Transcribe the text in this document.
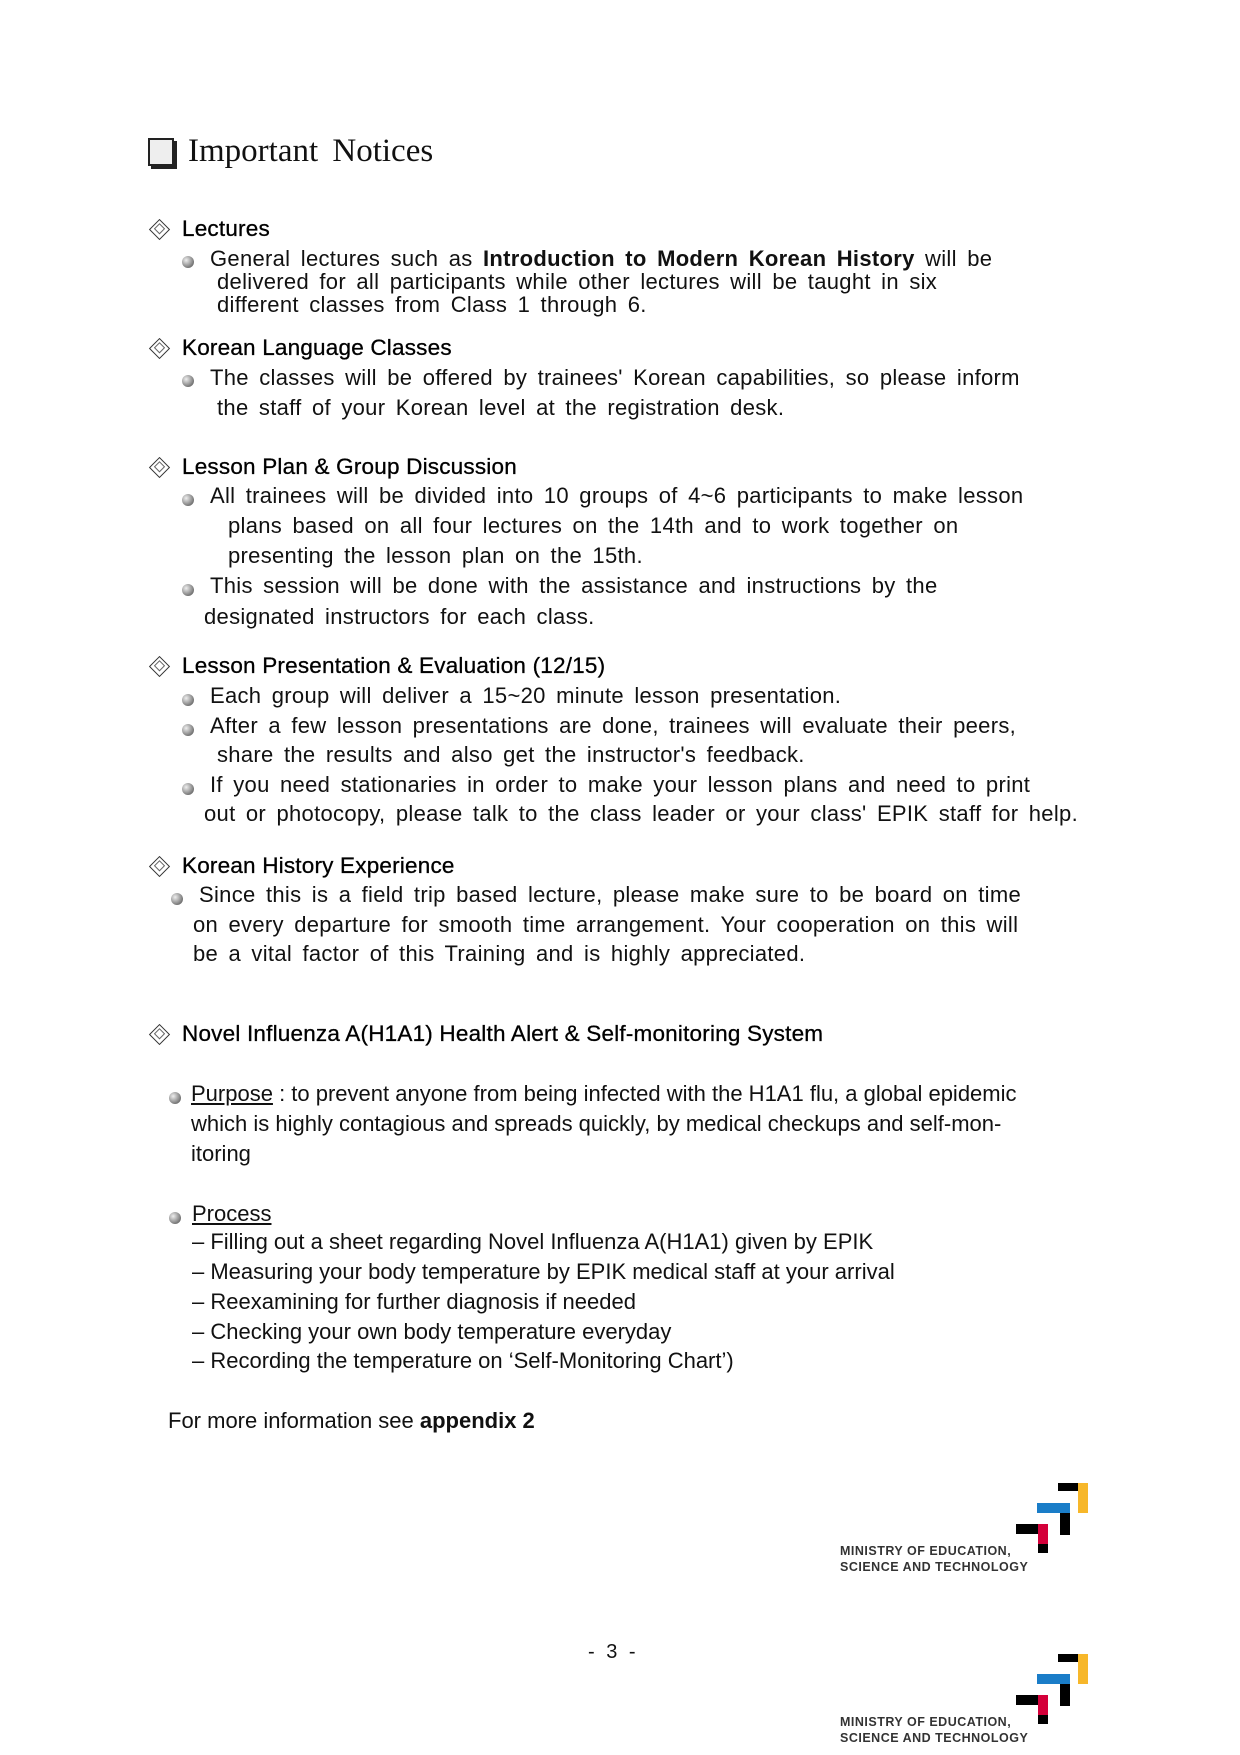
Important Notices
Lectures
General lectures such as Introduction to Modern Korean History will be
delivered for all participants while other lectures will be taught in six
different classes from Class 1 through 6.
Korean Language Classes
The classes will be offered by trainees' Korean capabilities, so please inform
the staff of your Korean level at the registration desk.
Lesson Plan & Group Discussion
All trainees will be divided into 10 groups of 4~6 participants to make lesson
plans based on all four lectures on the 14th and to work together on
presenting the lesson plan on the 15th.
This session will be done with the assistance and instructions by the
designated instructors for each class.
Lesson Presentation & Evaluation (12/15)
Each group will deliver a 15~20 minute lesson presentation.
After a few lesson presentations are done, trainees will evaluate their peers,
share the results and also get the instructor's feedback.
If you need stationaries in order to make your lesson plans and need to print
out or photocopy, please talk to the class leader or your class' EPIK staff for help.
Korean History Experience
Since this is a field trip based lecture, please make sure to be board on time
on every departure for smooth time arrangement. Your cooperation on this will
be a vital factor of this Training and is highly appreciated.
Novel Influenza A(H1A1) Health Alert & Self-monitoring System
Purpose : to prevent anyone from being infected with the H1A1 flu, a global epidemic
which is highly contagious and spreads quickly, by medical checkups and self-mon-
itoring
Process
– Filling out a sheet regarding Novel Influenza A(H1A1) given by EPIK
– Measuring your body temperature by EPIK medical staff at your arrival
– Reexamining for further diagnosis if needed
– Checking your own body temperature everyday
– Recording the temperature on ‘Self-Monitoring Chart’)
For more information see appendix 2
MINISTRY OF EDUCATION,
SCIENCE AND TECHNOLOGY
- 3 -
MINISTRY OF EDUCATION,
SCIENCE AND TECHNOLOGY
